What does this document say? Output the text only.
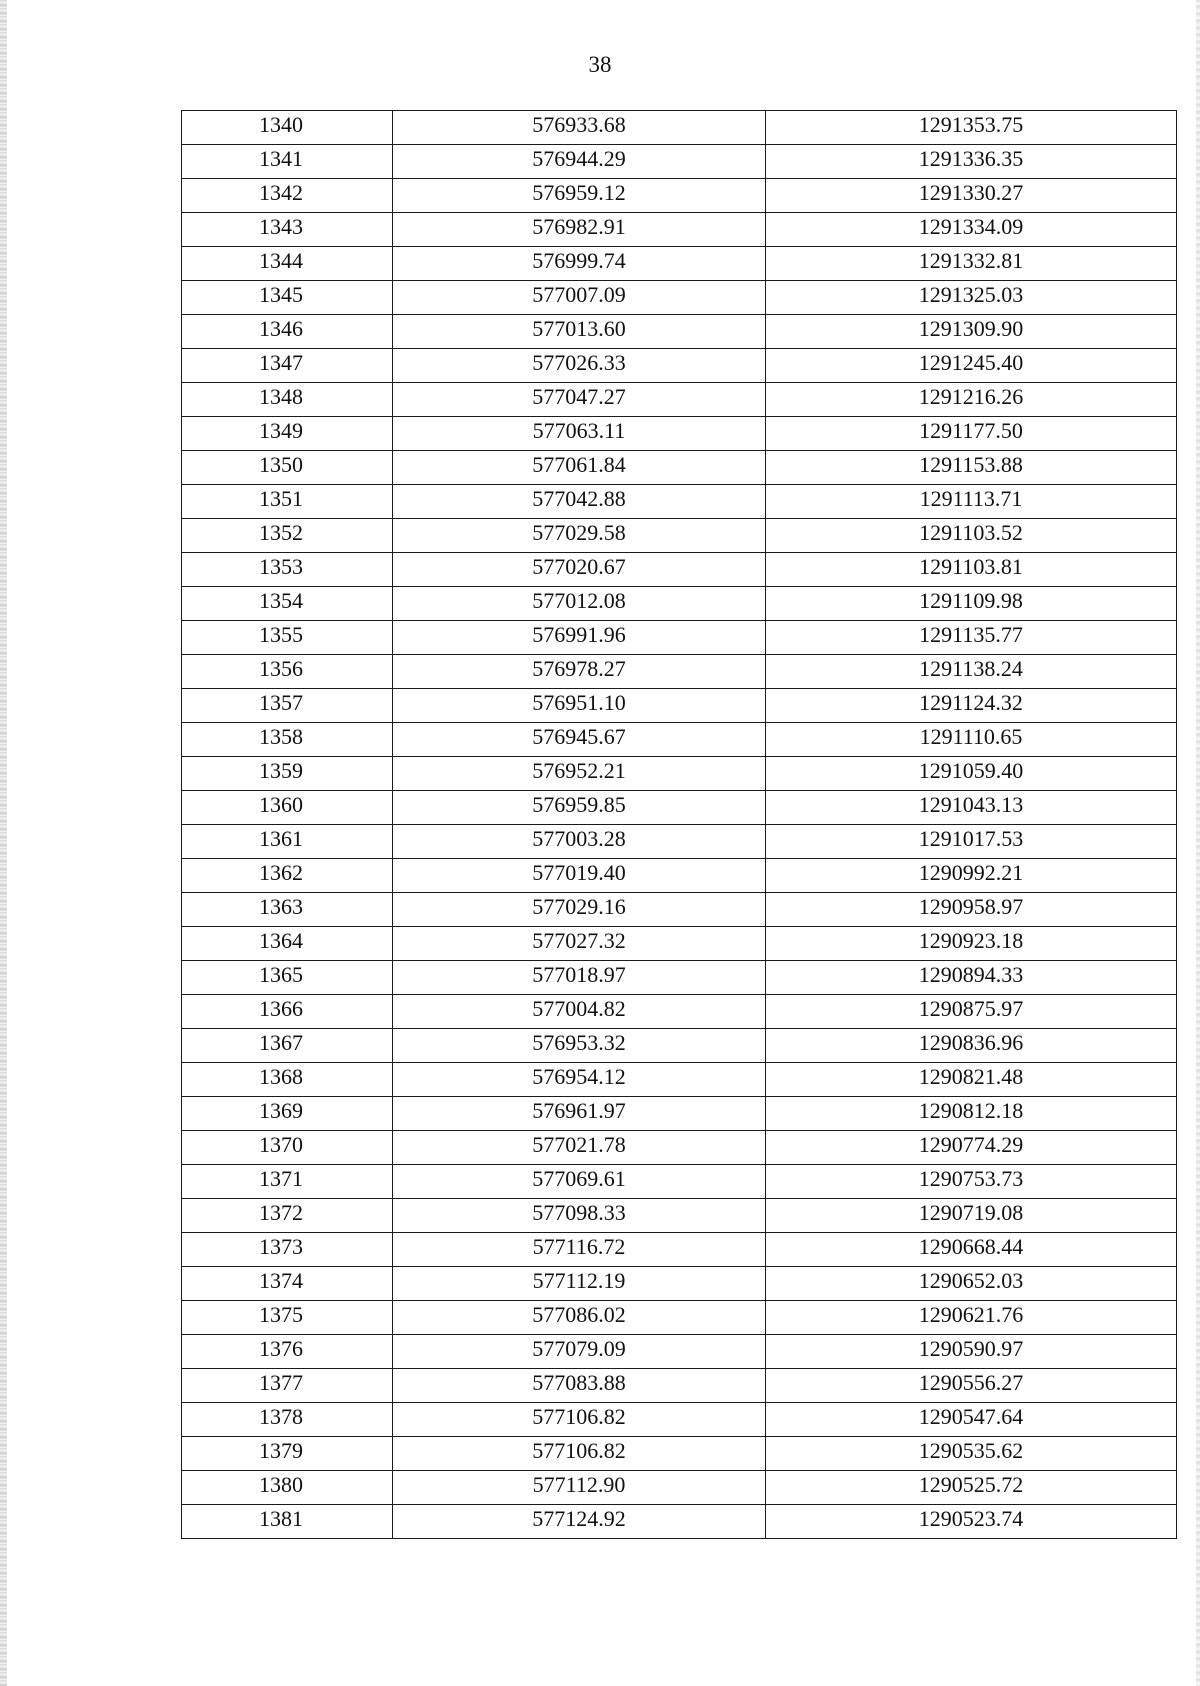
38
1340	576933.68	1291353.75
1341	576944.29	1291336.35
1342	576959.12	1291330.27
1343	576982.91	1291334.09
1344	576999.74	1291332.81
1345	577007.09	1291325.03
1346	577013.60	1291309.90
1347	577026.33	1291245.40
1348	577047.27	1291216.26
1349	577063.11	1291177.50
1350	577061.84	1291153.88
1351	577042.88	1291113.71
1352	577029.58	1291103.52
1353	577020.67	1291103.81
1354	577012.08	1291109.98
1355	576991.96	1291135.77
1356	576978.27	1291138.24
1357	576951.10	1291124.32
1358	576945.67	1291110.65
1359	576952.21	1291059.40
1360	576959.85	1291043.13
1361	577003.28	1291017.53
1362	577019.40	1290992.21
1363	577029.16	1290958.97
1364	577027.32	1290923.18
1365	577018.97	1290894.33
1366	577004.82	1290875.97
1367	576953.32	1290836.96
1368	576954.12	1290821.48
1369	576961.97	1290812.18
1370	577021.78	1290774.29
1371	577069.61	1290753.73
1372	577098.33	1290719.08
1373	577116.72	1290668.44
1374	577112.19	1290652.03
1375	577086.02	1290621.76
1376	577079.09	1290590.97
1377	577083.88	1290556.27
1378	577106.82	1290547.64
1379	577106.82	1290535.62
1380	577112.90	1290525.72
1381	577124.92	1290523.74
